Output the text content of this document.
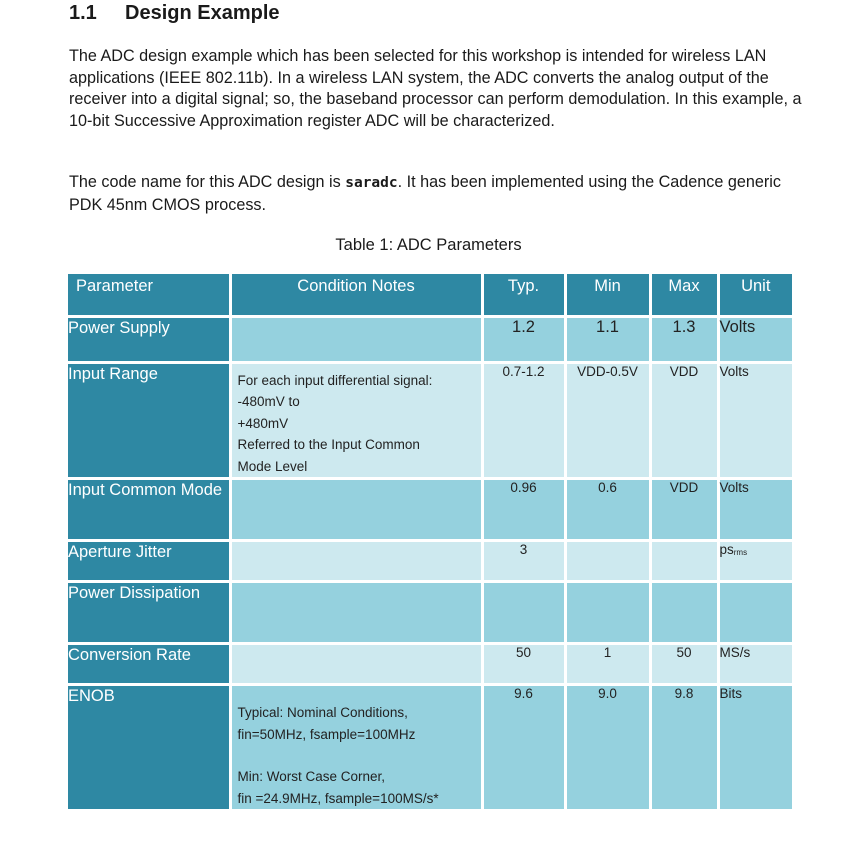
1.1 Design Example
The ADC design example which has been selected for this workshop is intended for wireless LAN applications (IEEE 802.11b). In a wireless LAN system, the ADC converts the analog output of the receiver into a digital signal; so, the baseband processor can perform demodulation. In this example, a 10-bit Successive Approximation register ADC will be characterized.
The code name for this ADC design is saradc. It has been implemented using the Cadence generic PDK 45nm CMOS process.
Table 1: ADC Parameters
Parameter	Condition Notes	Typ.	Min	Max	Unit
Power Supply		1.2	1.1	1.3	Volts
Input Range	For each input differential signal:
-480mV to
+480mV
Referred to the Input Common
Mode Level	0.7-1.2	VDD-0.5V	VDD	Volts
Input Common Mode		0.96	0.6	VDD	Volts
Aperture Jitter		3			psrms
Power Dissipation					
Conversion Rate		50	1	50	MS/s
ENOB	Typical: Nominal Conditions,
fin=50MHz, fsample=100MHz
Min: Worst Case Corner,
fin =24.9MHz, fsample=100MS/s*	9.6	9.0	9.8	Bits
